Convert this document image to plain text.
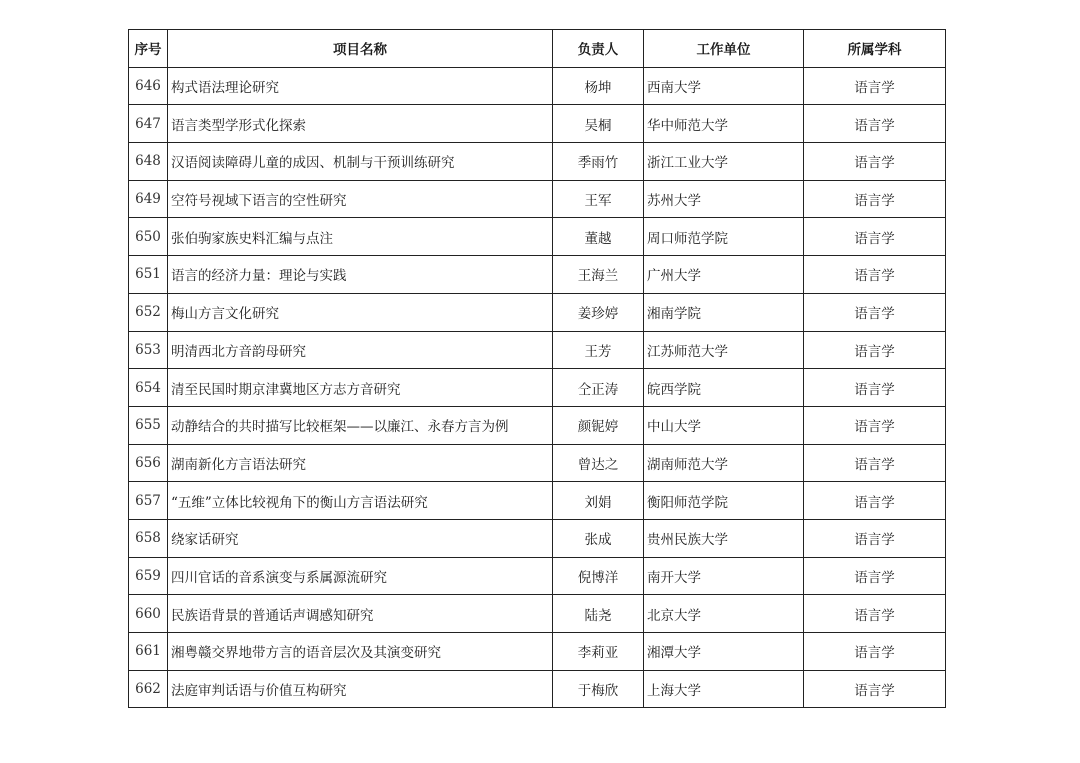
序号	项目名称	负责人	工作单位	所属学科
646	构式语法理论研究	杨坤	西南大学	语言学
647	语言类型学形式化探索	吴桐	华中师范大学	语言学
648	汉语阅读障碍儿童的成因、机制与干预训练研究	季雨竹	浙江工业大学	语言学
649	空符号视域下语言的空性研究	王军	苏州大学	语言学
650	张伯驹家族史料汇编与点注	董越	周口师范学院	语言学
651	语言的经济力量：理论与实践	王海兰	广州大学	语言学
652	梅山方言文化研究	姜珍婷	湘南学院	语言学
653	明清西北方音韵母研究	王芳	江苏师范大学	语言学
654	清至民国时期京津冀地区方志方音研究	仝正涛	皖西学院	语言学
655	动静结合的共时描写比较框架——以廉江、永春方言为例	颜铌婷	中山大学	语言学
656	湖南新化方言语法研究	曾达之	湖南师范大学	语言学
657	“五维”立体比较视角下的衡山方言语法研究	刘娟	衡阳师范学院	语言学
658	绕家话研究	张成	贵州民族大学	语言学
659	四川官话的音系演变与系属源流研究	倪博洋	南开大学	语言学
660	民族语背景的普通话声调感知研究	陆尧	北京大学	语言学
661	湘粤赣交界地带方言的语音层次及其演变研究	李莉亚	湘潭大学	语言学
662	法庭审判话语与价值互构研究	于梅欣	上海大学	语言学
